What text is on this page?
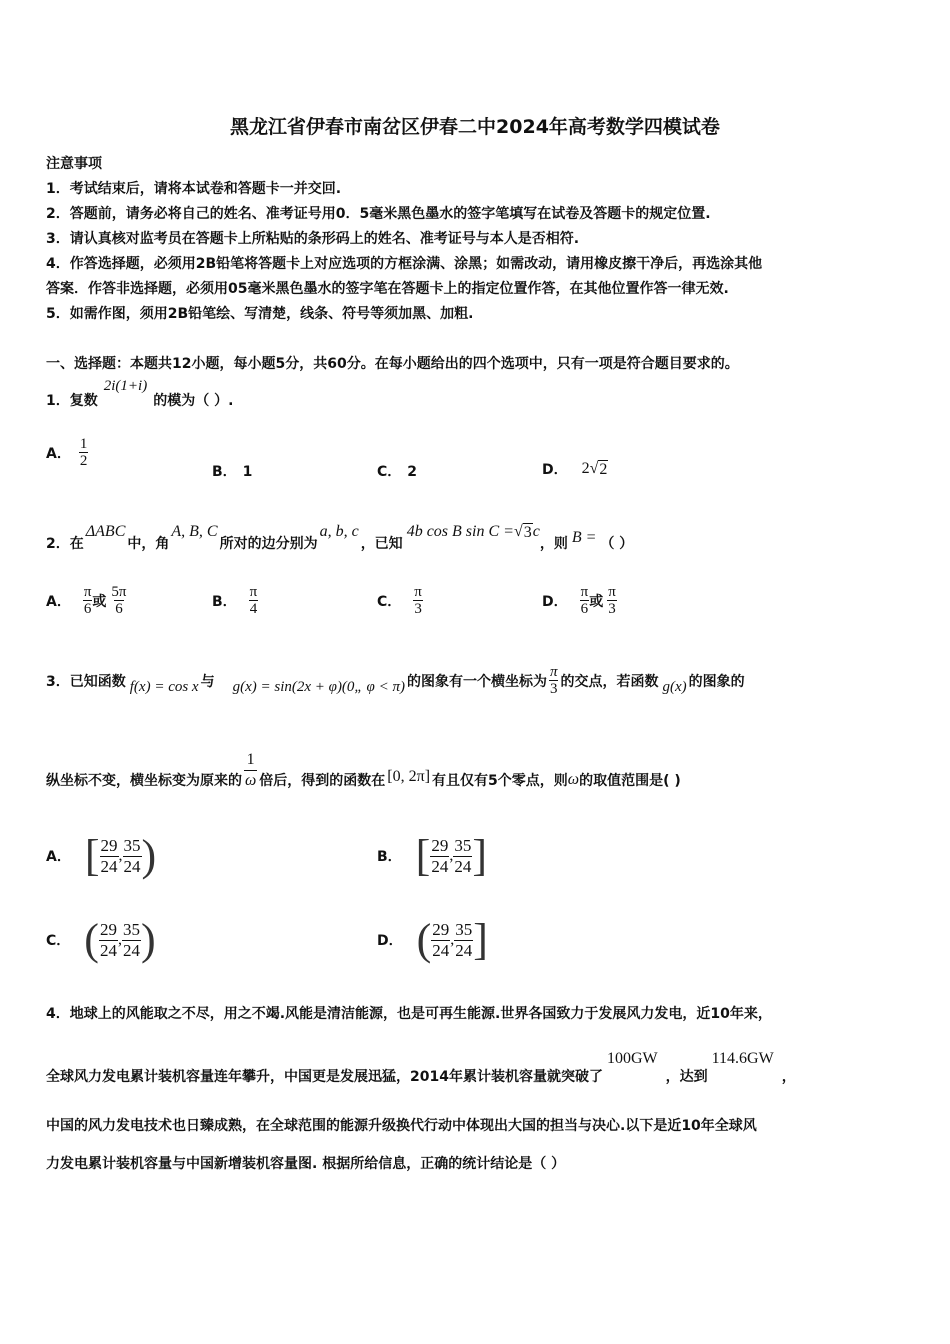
黑龙江省伊春市南岔区伊春二中2024年高考数学四模试卷
注意事项
1．考试结束后，请将本试卷和答题卡一并交回.
2．答题前，请务必将自己的姓名、准考证号用0．5毫米黑色墨水的签字笔填写在试卷及答题卡的规定位置.
3．请认真核对监考员在答题卡上所粘贴的条形码上的姓名、准考证号与本人是否相符.
4．作答选择题，必须用2B铅笔将答题卡上对应选项的方框涂满、涂黑；如需改动，请用橡皮擦干净后，再选涂其他
答案．作答非选择题，必须用05毫米黑色墨水的签字笔在答题卡上的指定位置作答，在其他位置作答一律无效.
5．如需作图，须用2B铅笔绘、写清楚，线条、符号等须加黑、加粗.
一、选择题：本题共12小题，每小题5分，共60分。在每小题给出的四个选项中，只有一项是符合题目要求的。
1．复数
2i(1+i)
的模为（ ）.
A． $\frac{1}{2}$
B． 1	C． 2	D． 2 √ 2
2．在
ΔABC
中，角
A, B, C
所对的边分别为
a, b, c
，已知
4b cos B sin C = √ 3 c
，则 B = （ ）
A． $\frac{\pi}{6}$ 或 $\frac{5\pi}{6}$	B． $\frac{\pi}{4}$	C． $\frac{\pi}{3}$	D． $\frac{\pi}{6}$ 或 $\frac{\pi}{3}$
3．已知函数 f(x) = cos x 与 g(x) = sin(2x + φ)(0„ φ < π) 的图象有一个横坐标为 $\frac{\pi}{3}$ 的交点，若函数 g(x) 的图象的
纵坐标不变，横坐标变为原来的 $\frac{1}{\omega}$ 倍后，得到的函数在 [0, 2π] 有且仅有5个零点，则 ω 的取值范围是( )
A． [ $\frac{29}{24}$ , $\frac{35}{24}$ )	B． [ $\frac{29}{24}$ , $\frac{35}{24}$ ]
C． ( $\frac{29}{24}$ , $\frac{35}{24}$ )	D． ( $\frac{29}{24}$ , $\frac{35}{24}$ ]
4．地球上的风能取之不尽，用之不竭.风能是清洁能源，也是可再生能源.世界各国致力于发展风力发电，近10年来，
全球风力发电累计装机容量连年攀升，中国更是发展迅猛，2014年累计装机容量就突破了
100GW
，达到
114.6GW
，
中国的风力发电技术也日臻成熟，在全球范围的能源升级换代行动中体现出大国的担当与决心.以下是近10年全球风
力发电累计装机容量与中国新增装机容量图. 根据所给信息，正确的统计结论是（ ）
